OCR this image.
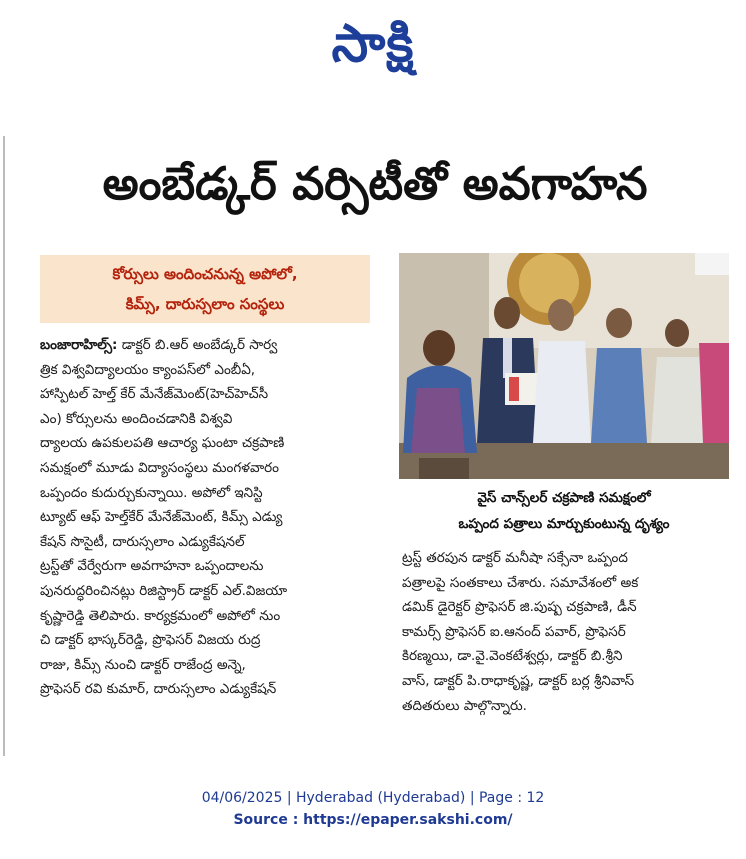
సాక్షి
అంబేడ్కర్ వర్సిటీతో అవగాహన
కోర్సులు అందించనున్న అపోలో,
కిమ్స్, దారుస్సలాం సంస్థలు
బంజారాహిల్స్: డాక్టర్ బి.ఆర్ అంబేడ్కర్ సార్వ
త్రిక విశ్వవిద్యాలయం క్యాంపస్‌లో ఎంబీఏ,
హాస్పిటల్ హెల్త్ కేర్ మేనేజ్‌మెంట్(హెచ్‌హెచ్‌సీ
ఎం) కోర్సులను అందించడానికి విశ్వవి
ద్యాలయ ఉపకులపతి ఆచార్య ఘంటా చక్రపాణి
సమక్షంలో మూడు విద్యాసంస్థలు మంగళవారం
ఒప్పందం కుదుర్చుకున్నాయి. అపోలో ఇనిస్టి
ట్యూట్ ఆఫ్ హెల్త్‌కేర్ మేనేజ్‌మెంట్, కిమ్స్ ఎడ్యు
కేషన్ సొసైటీ, దారుస్సలాం ఎడ్యుకేషనల్
ట్రస్ట్‌తో వేర్వేరుగా అవగాహనా ఒప్పందాలను
పునరుద్ధరించినట్లు రిజిస్ట్రార్ డాక్టర్ ఎల్.విజయా
కృష్ణారెడ్డి తెలిపారు. కార్యక్రమంలో అపోలో నుం
చి డాక్టర్ భాస్కర్‌రెడ్డి, ప్రొఫెసర్ విజయ రుద్ర
రాజు, కిమ్స్ నుంచి డాక్టర్ రాజేంద్ర అన్నె,
ప్రొఫెసర్ రవి కుమార్, దారుస్సలాం ఎడ్యుకేషన్
వైస్ చాన్స్‌లర్ చక్రపాణి సమక్షంలో
ఒప్పంద పత్రాలు మార్చుకుంటున్న దృశ్యం
ట్రస్ట్ తరపున డాక్టర్ మనీషా సక్సేనా ఒప్పంద
పత్రాలపై సంతకాలు చేశారు. సమావేశంలో అక
డమిక్ డైరెక్టర్ ప్రొఫెసర్ జి.పుష్ప చక్రపాణి, డీన్
కామర్స్ ప్రొఫెసర్ ఐ.ఆనంద్ పవార్, ప్రొఫెసర్
కిరణ్మయి, డా.వై.వెంకటేశ్వర్లు, డాక్టర్ బి.శ్రీని
వాస్, డాక్టర్ పి.రాధాకృష్ణ, డాక్టర్ బర్ల శ్రీనివాస్
తదితరులు పాల్గొన్నారు.
04/06/2025 | Hyderabad (Hyderabad) | Page : 12
Source : https://epaper.sakshi.com/
